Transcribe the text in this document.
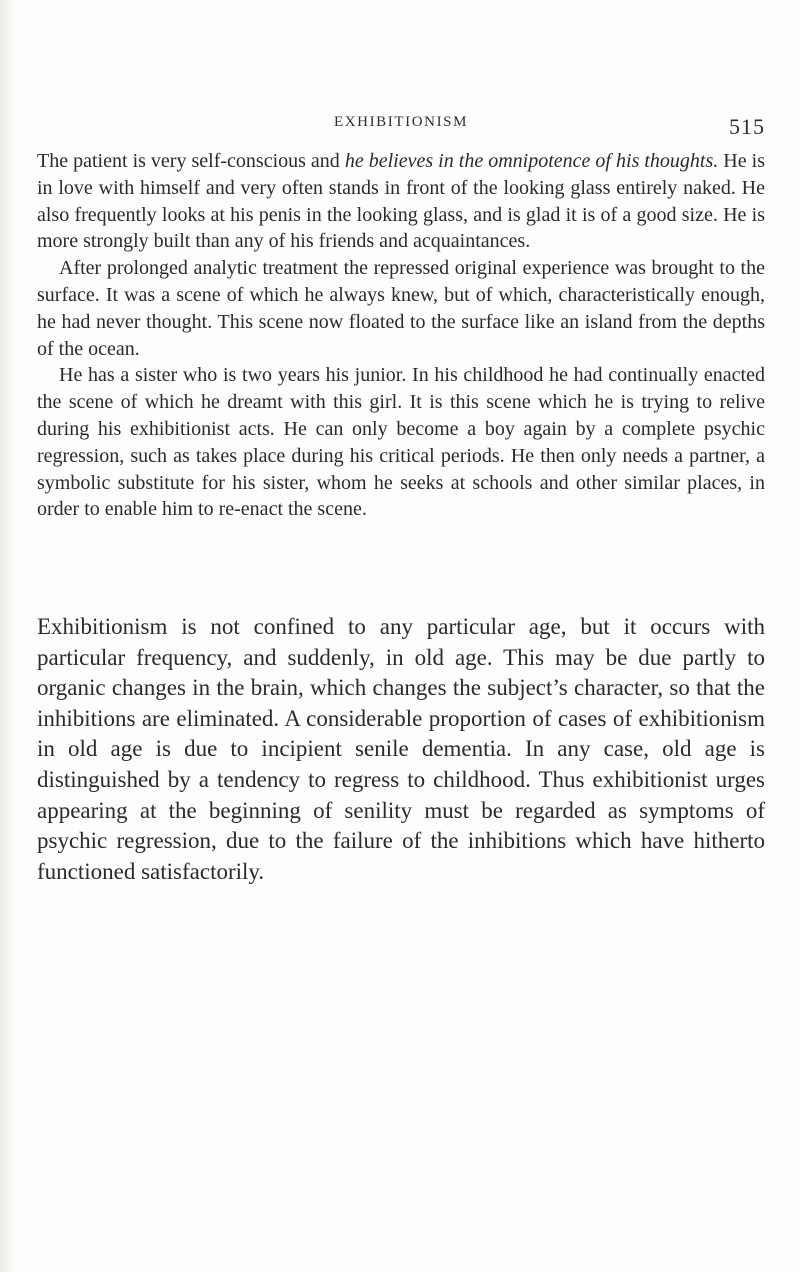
EXHIBITIONISM	515

The patient is very self-conscious and he believes in the omnipotence of his thoughts. He is in love with himself and very often stands in front of the looking glass entirely naked. He also frequently looks at his penis in the looking glass, and is glad it is of a good size. He is more strongly built than any of his friends and acquaintances.

After prolonged analytic treatment the repressed original experience was brought to the surface. It was a scene of which he always knew, but of which, characteristically enough, he had never thought. This scene now floated to the surface like an island from the depths of the ocean.

He has a sister who is two years his junior. In his childhood he had continually enacted the scene of which he dreamt with this girl. It is this scene which he is trying to relive during his exhibitionist acts. He can only become a boy again by a complete psychic regression, such as takes place during his critical periods. He then only needs a partner, a symbolic substitute for his sister, whom he seeks at schools and other similar places, in order to enable him to re-enact the scene.

Exhibitionism is not confined to any particular age, but it occurs with particular frequency, and suddenly, in old age. This may be due partly to organic changes in the brain, which changes the subject’s character, so that the inhibitions are eliminated. A considerable proportion of cases of exhibitionism in old age is due to incipient senile dementia. In any case, old age is distinguished by a tendency to regress to childhood. Thus exhibitionist urges appearing at the beginning of senility must be regarded as symptoms of psychic regression, due to the failure of the inhibitions which have hitherto functioned satisfactorily.
